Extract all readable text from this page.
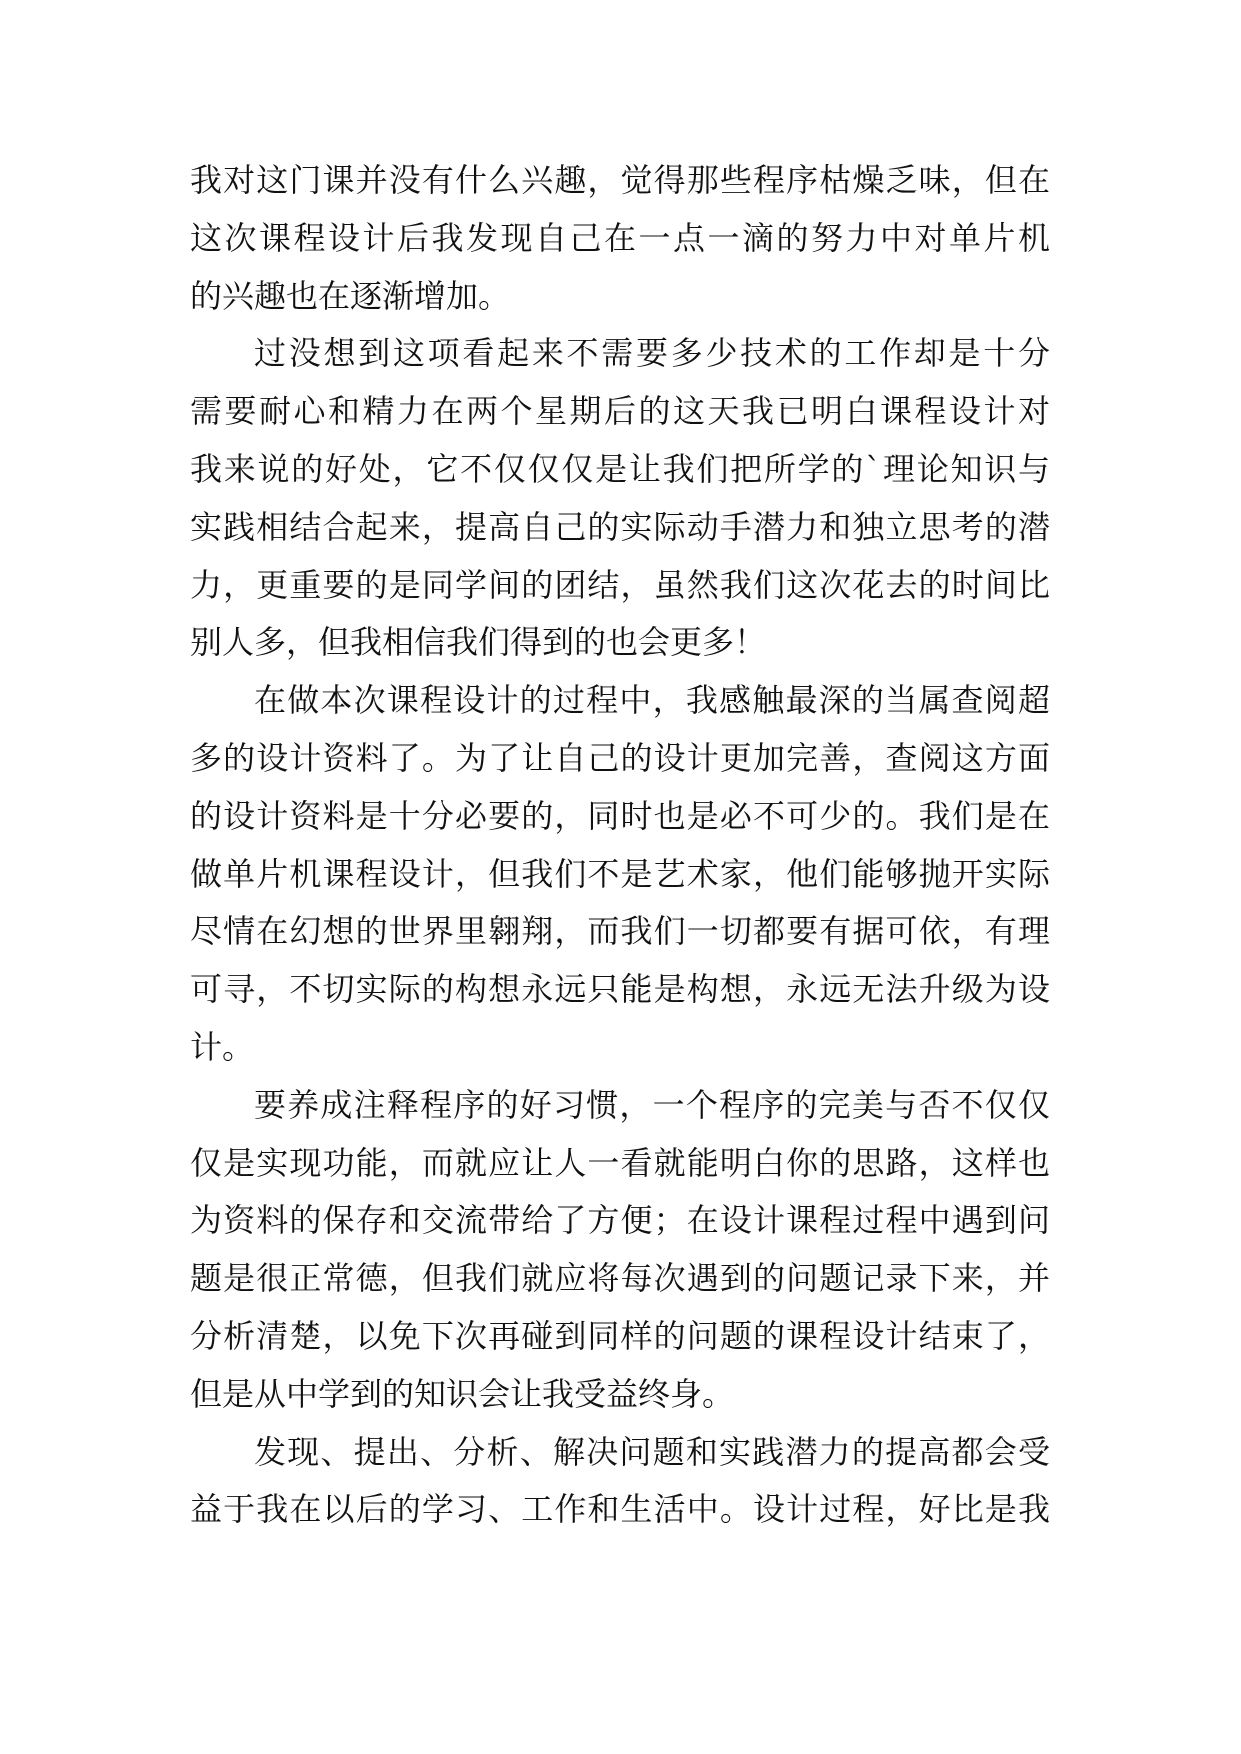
我对这门课并没有什么兴趣，觉得那些程序枯燥乏味，但在
这次课程设计后我发现自己在一点一滴的努力中对单片机
的兴趣也在逐渐增加。
过没想到这项看起来不需要多少技术的工作却是十分
需要耐心和精力在两个星期后的这天我已明白课程设计对
我来说的好处，它不仅仅仅是让我们把所学的`理论知识与
实践相结合起来，提高自己的实际动手潜力和独立思考的潜
力，更重要的是同学间的团结，虽然我们这次花去的时间比
别人多，但我相信我们得到的也会更多！
在做本次课程设计的过程中，我感触最深的当属查阅超
多的设计资料了。为了让自己的设计更加完善，查阅这方面
的设计资料是十分必要的，同时也是必不可少的。我们是在
做单片机课程设计，但我们不是艺术家，他们能够抛开实际
尽情在幻想的世界里翱翔，而我们一切都要有据可依，有理
可寻，不切实际的构想永远只能是构想，永远无法升级为设
计。
要养成注释程序的好习惯，一个程序的完美与否不仅仅
仅是实现功能，而就应让人一看就能明白你的思路，这样也
为资料的保存和交流带给了方便；在设计课程过程中遇到问
题是很正常德，但我们就应将每次遇到的问题记录下来，并
分析清楚，以免下次再碰到同样的问题的课程设计结束了，
但是从中学到的知识会让我受益终身。
发现、提出、分析、解决问题和实践潜力的提高都会受
益于我在以后的学习、工作和生活中。设计过程，好比是我
